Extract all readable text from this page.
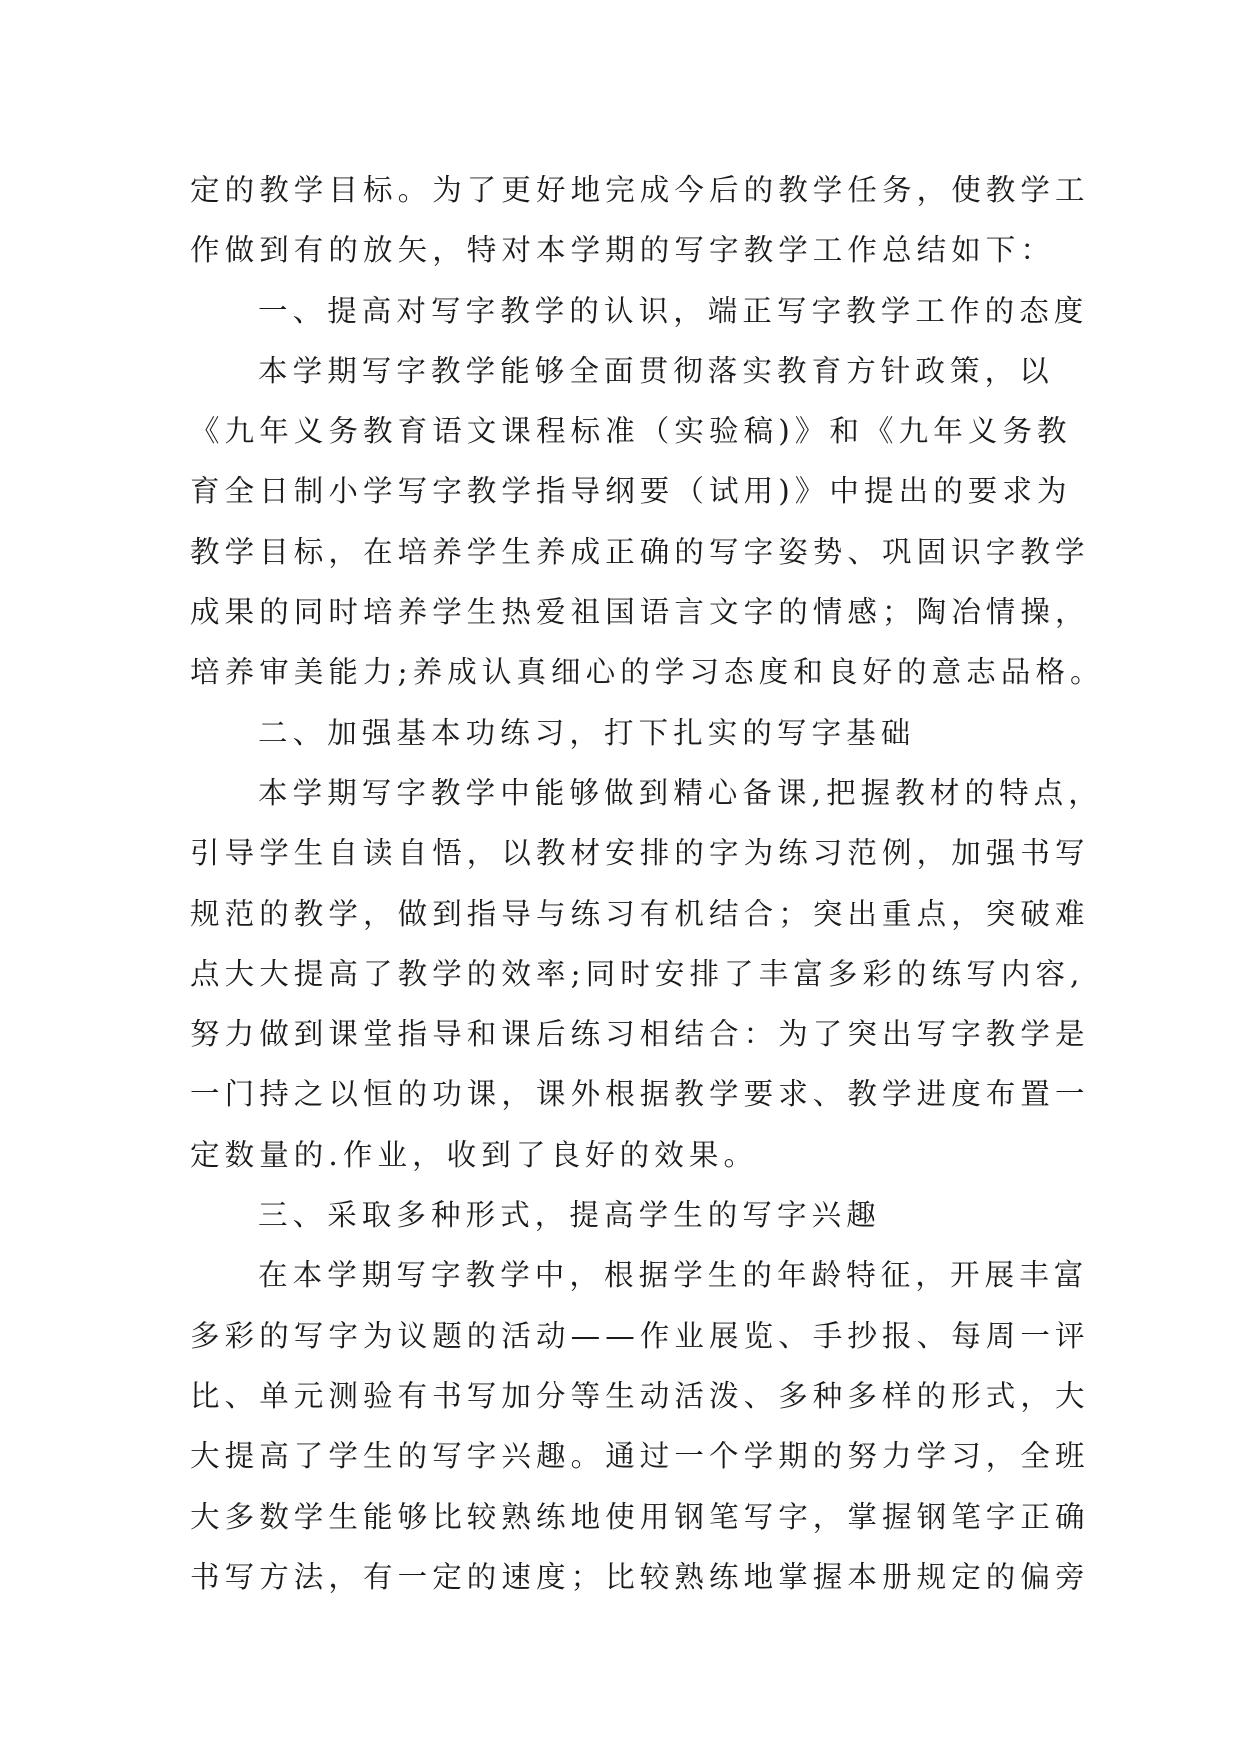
定的教学目标。为了更好地完成今后的教学任务，使教学工
作做到有的放矢，特对本学期的写字教学工作总结如下：
一、提高对写字教学的认识，端正写字教学工作的态度
本学期写字教学能够全面贯彻落实教育方针政策，以
《九年义务教育语文课程标准（实验稿)》和《九年义务教
育全日制小学写字教学指导纲要（试用)》中提出的要求为
教学目标，在培养学生养成正确的写字姿势、巩固识字教学
成果的同时培养学生热爱祖国语言文字的情感；陶冶情操，
培养审美能力;养成认真细心的学习态度和良好的意志品格。
二、加强基本功练习，打下扎实的写字基础
本学期写字教学中能够做到精心备课,把握教材的特点，
引导学生自读自悟，以教材安排的字为练习范例，加强书写
规范的教学，做到指导与练习有机结合；突出重点，突破难
点大大提高了教学的效率;同时安排了丰富多彩的练写内容,
努力做到课堂指导和课后练习相结合：为了突出写字教学是
一门持之以恒的功课，课外根据教学要求、教学进度布置一
定数量的.作业，收到了良好的效果。
三、采取多种形式，提高学生的写字兴趣
在本学期写字教学中，根据学生的年龄特征，开展丰富
多彩的写字为议题的活动——作业展览、手抄报、每周一评
比、单元测验有书写加分等生动活泼、多种多样的形式，大
大提高了学生的写字兴趣。通过一个学期的努力学习，全班
大多数学生能够比较熟练地使用钢笔写字，掌握钢笔字正确
书写方法，有一定的速度；比较熟练地掌握本册规定的偏旁
